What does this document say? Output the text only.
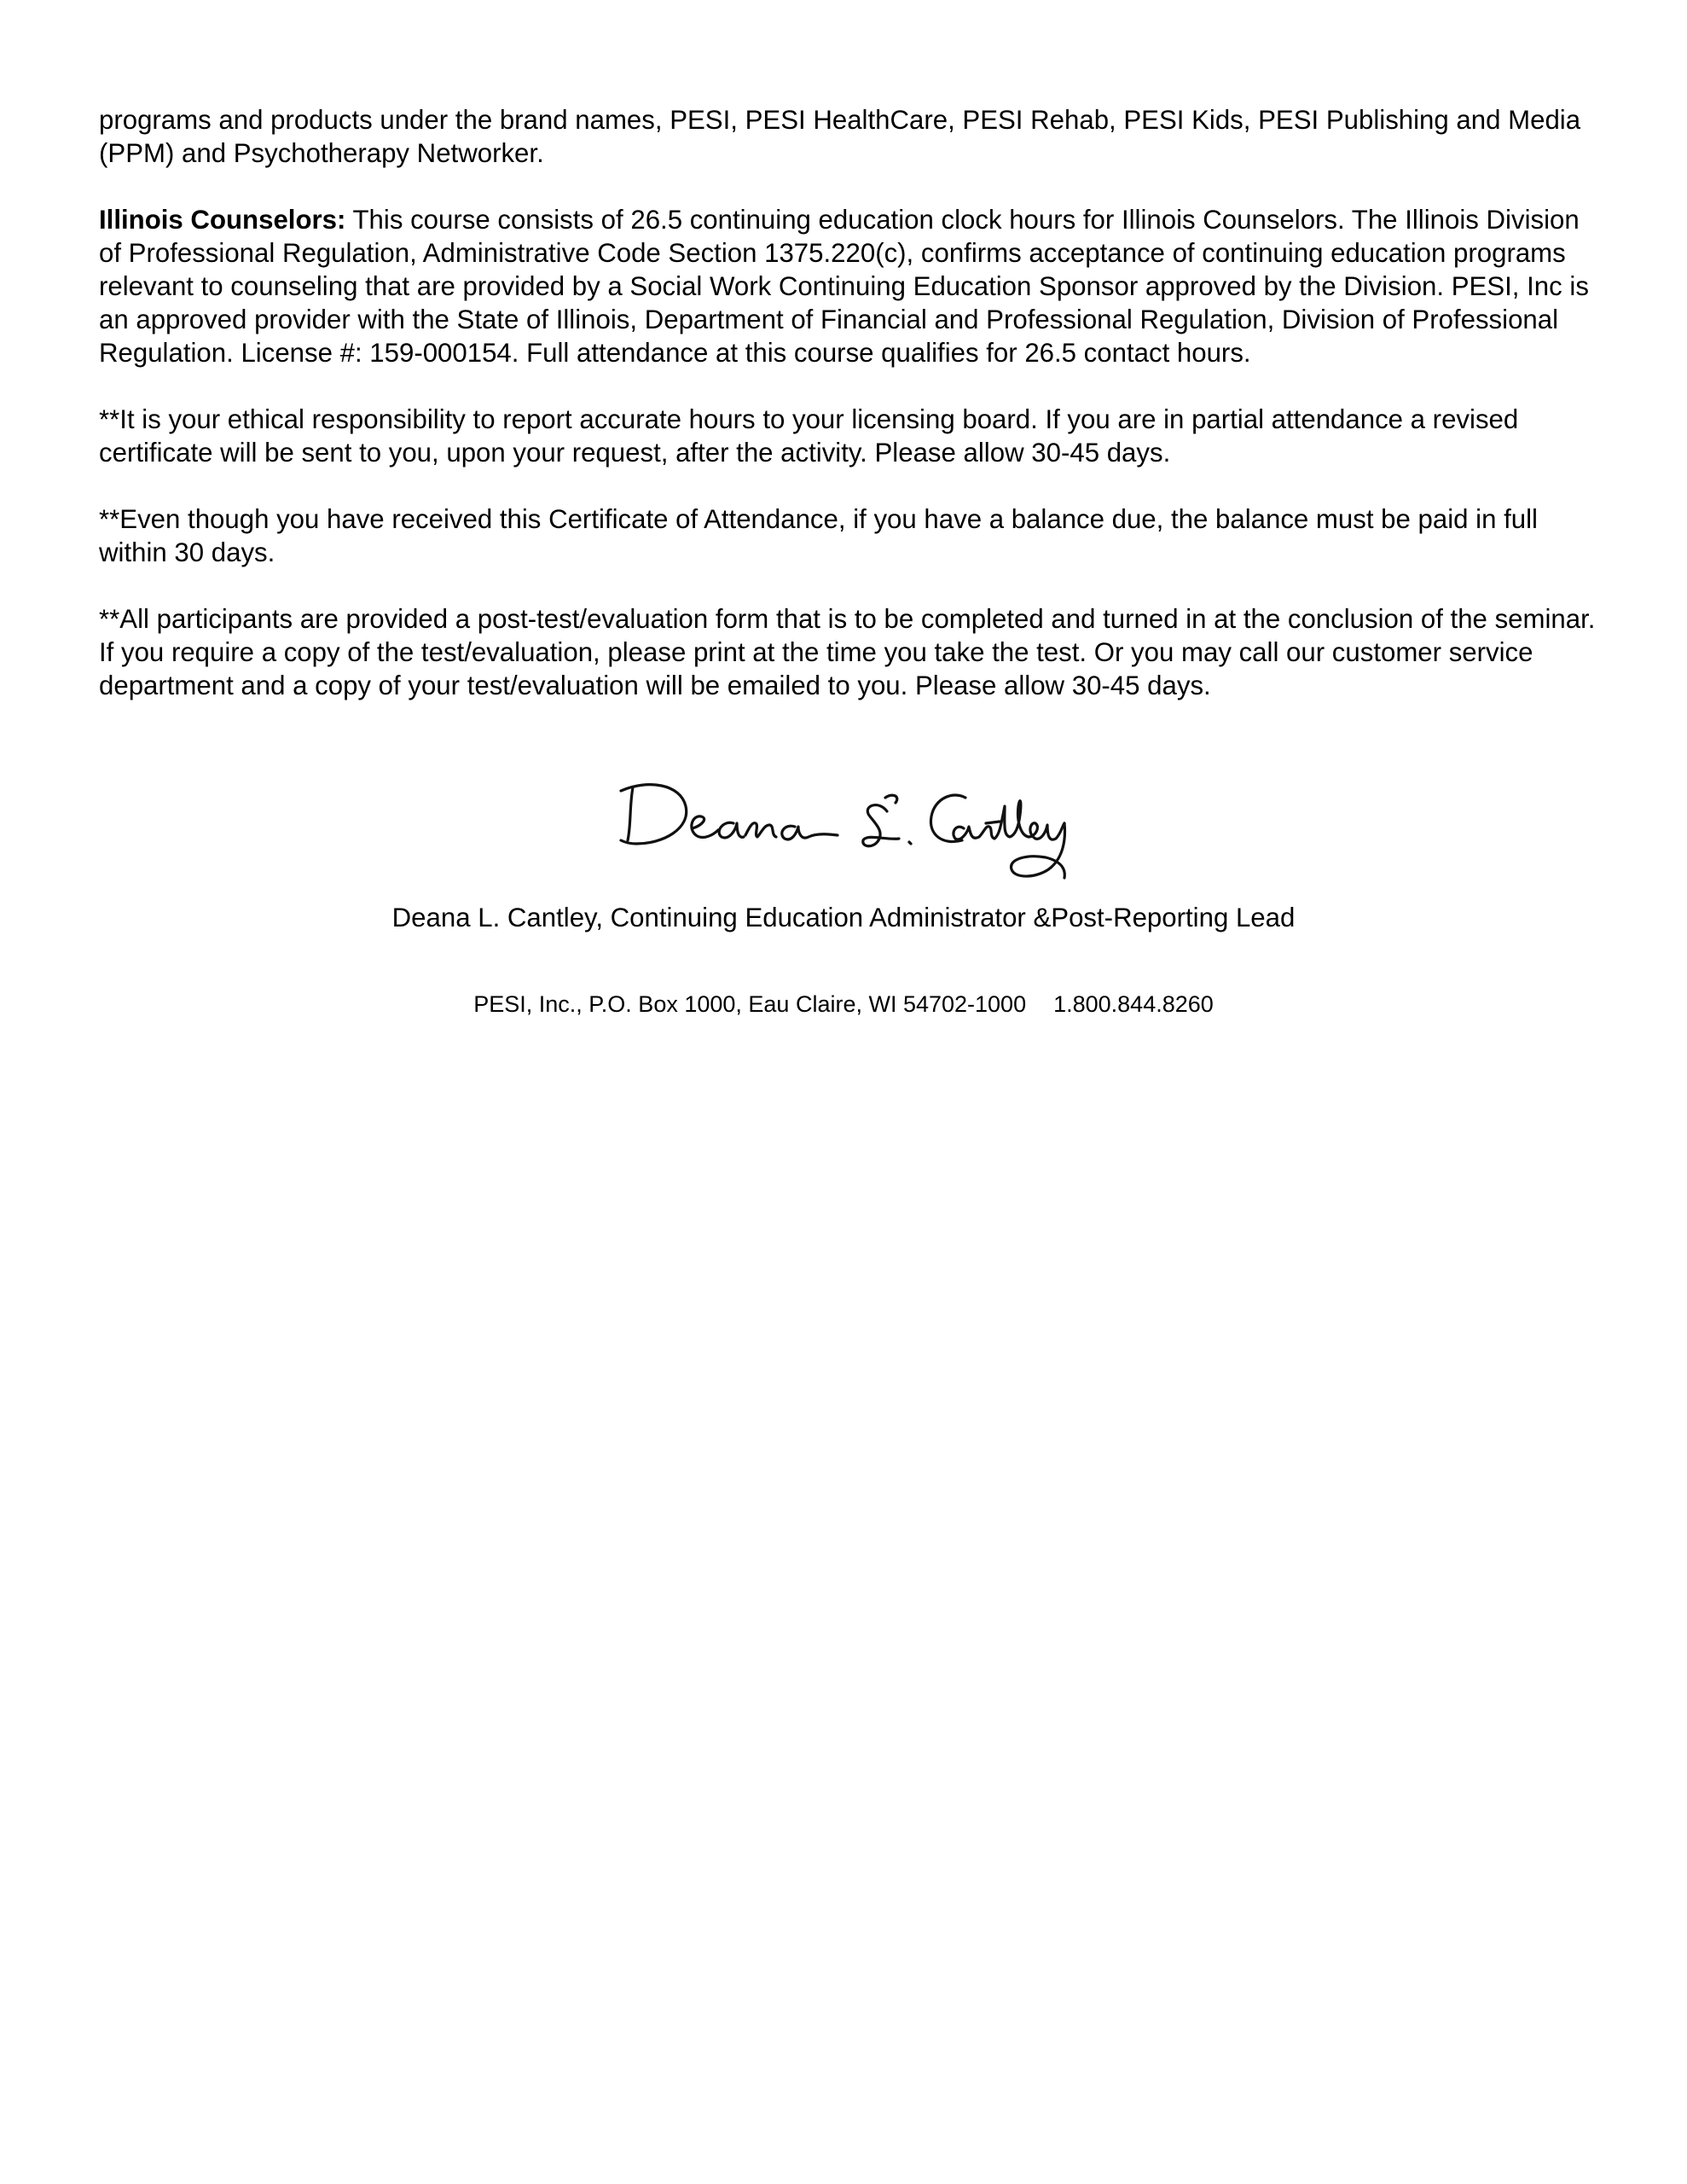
programs and products under the brand names, PESI, PESI HealthCare, PESI Rehab, PESI Kids, PESI Publishing and Media (PPM) and Psychotherapy Networker.

Illinois Counselors: This course consists of 26.5 continuing education clock hours for Illinois Counselors. The Illinois Division of Professional Regulation, Administrative Code Section 1375.220(c), confirms acceptance of continuing education programs relevant to counseling that are provided by a Social Work Continuing Education Sponsor approved by the Division. PESI, Inc is an approved provider with the State of Illinois, Department of Financial and Professional Regulation, Division of Professional Regulation. License #: 159-000154. Full attendance at this course qualifies for 26.5 contact hours.

**It is your ethical responsibility to report accurate hours to your licensing board. If you are in partial attendance a revised certificate will be sent to you, upon your request, after the activity. Please allow 30-45 days.

**Even though you have received this Certificate of Attendance, if you have a balance due, the balance must be paid in full within 30 days.

**All participants are provided a post-test/evaluation form that is to be completed and turned in at the conclusion of the seminar. If you require a copy of the test/evaluation, please print at the time you take the test. Or you may call our customer service department and a copy of your test/evaluation will be emailed to you. Please allow 30-45 days.

Deana L. Cantley, Continuing Education Administrator &Post-Reporting Lead
PESI, Inc., P.O. Box 1000, Eau Claire, WI 54702-1000 1.800.844.8260
